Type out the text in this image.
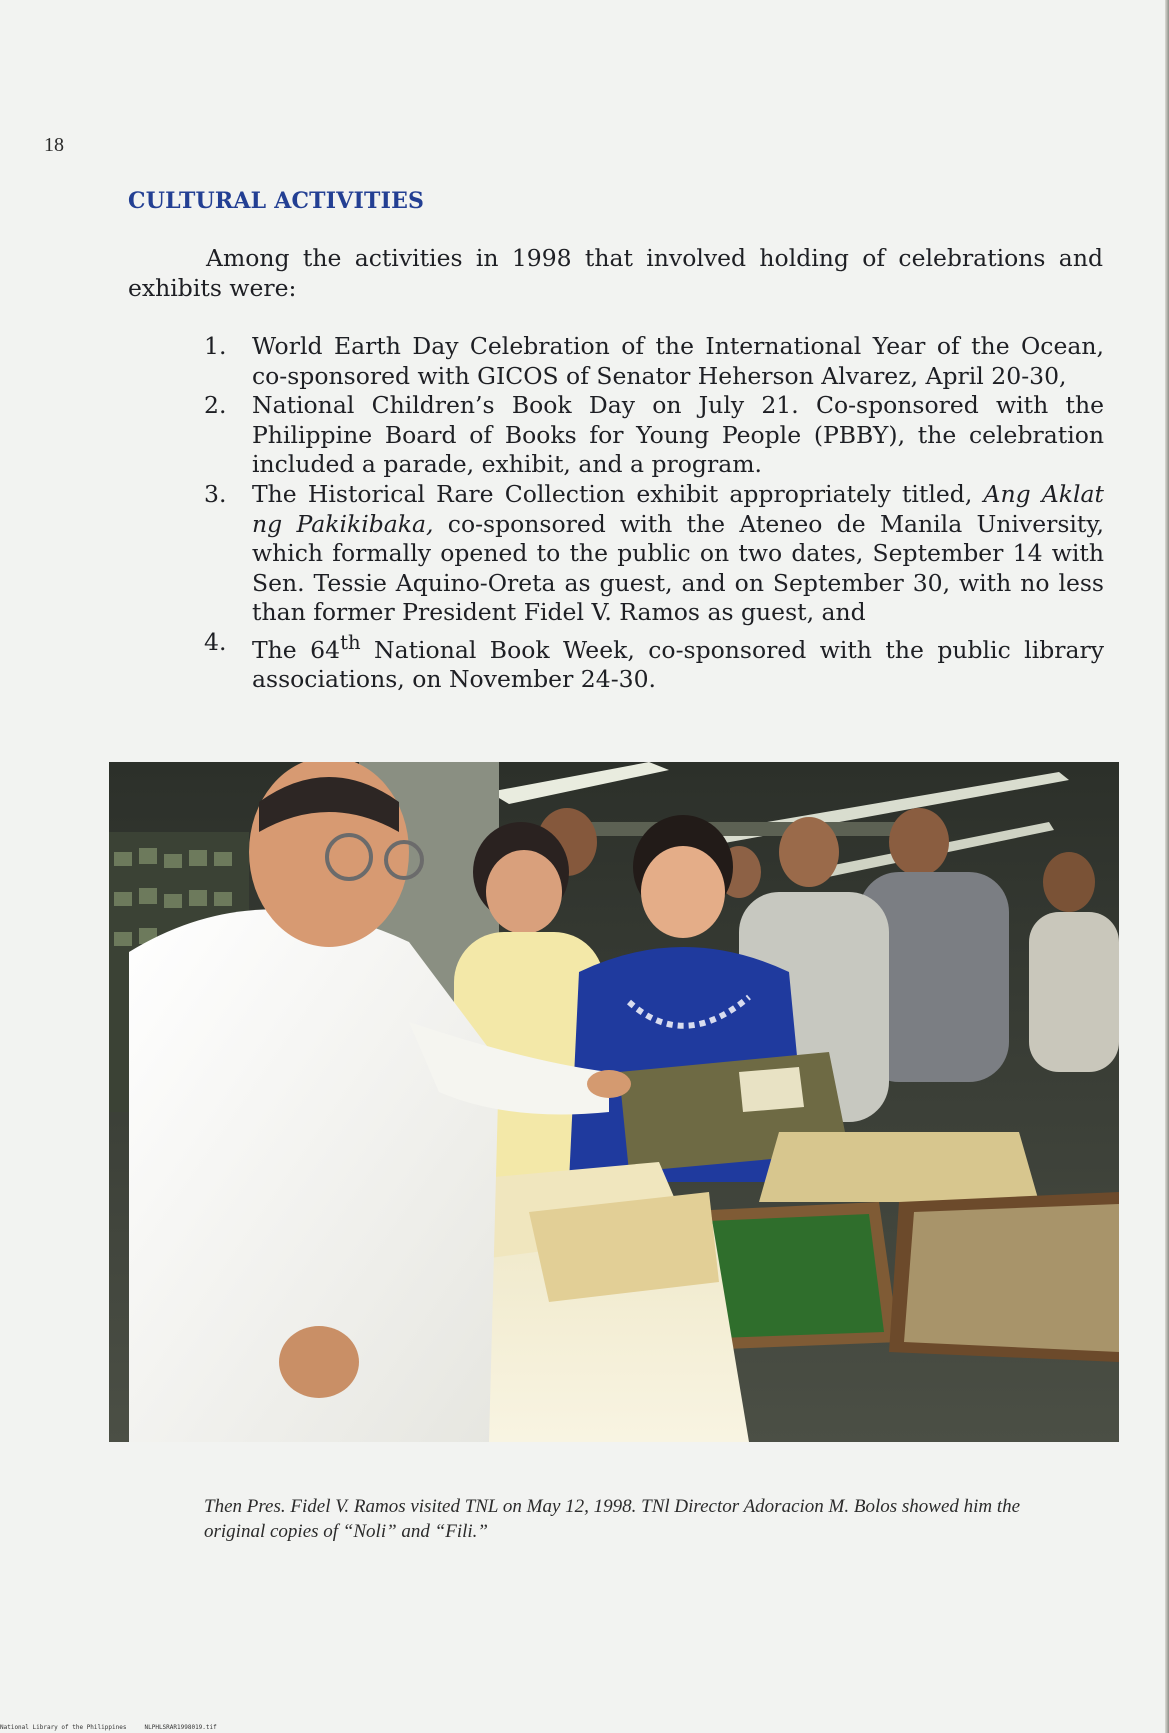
18
CULTURAL ACTIVITIES

Among the activities in 1998 that involved holding of celebrations and exhibits were:

1. World Earth Day Celebration of the International Year of the Ocean, co-sponsored with GICOS of Senator Heherson Alvarez, April 20-30,
2. National Children’s Book Day on July 21. Co-sponsored with the Philippine Board of Books for Young People (PBBY), the celebration included a parade, exhibit, and a program.
3. The Historical Rare Collection exhibit appropriately titled, Ang Aklat ng Pakikibaka, co-sponsored with the Ateneo de Manila University, which formally opened to the public on two dates, September 14 with Sen. Tessie Aquino-Oreta as guest, and on September 30, with no less than former President Fidel V. Ramos as guest, and
4. The 64th National Book Week, co-sponsored with the public library associations, on November 24-30.

Then Pres. Fidel V. Ramos visited TNL on May 12, 1998. TNl Director Adoracion M. Bolos showed him the original copies of “Noli” and “Fili.”

National Library of the Philippines     NLPHLSRAR1998019.tif
